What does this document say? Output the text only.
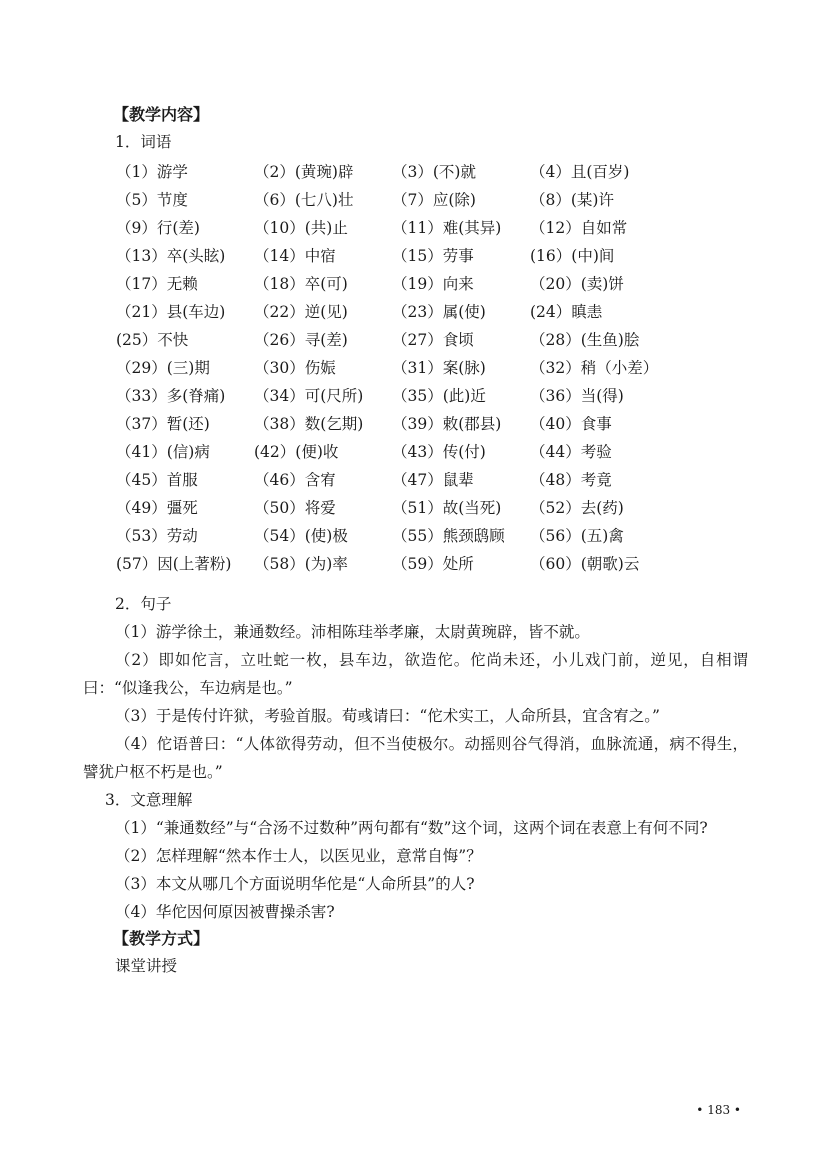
【教学内容】
1．词语
（1）游学	（2）(黄琬)辟 （3）(不)就	（4）且(百岁)
（5）节度	（6）(七八)壮 （7）应(除)	（8）(某)许
（9）行(差)	（10）(共)止	（11）难(其异) （12）自如常
（13）卒(头眩) （14）中宿	（15）劳事	(16）(中)间
（17）无赖	（18）卒(可)	（19）向来	（20）(卖)饼
（21）县(车边) （22）逆(见)	（23）属(使)	(24）瞋恚
(25）不快	（26）寻(差)	（27）食顷	（28）(生鱼)脍
（29）(三)期	（30）伤娠	（31）案(脉)	（32）稍（小差）
（33）多(脊痛) （34）可(尺所) （35）(此)近	（36）当(得)
（37）暂(还)	（38）数(乞期) （39）敕(郡县) （40）食事
（41）(信)病	(42）(便)收	（43）传(付)	（44）考验
（45）首服	（46）含宥	（47）鼠辈	（48）考竟
（49）彊死	（50）将爱	（51）故(当死) （52）去(药)
（53）劳动	（54）(使)极	（55）熊颈鸱顾 （56）(五)禽
(57）因(上著粉) （58）(为)率	（59）处所	（60）(朝歌)云
2．句子

（1）游学徐土，兼通数经。沛相陈珪举孝廉，太尉黄琬辟，皆不就。

（2）即如佗言，立吐蛇一枚，县车边，欲造佗。佗尚未还，小儿戏门前，逆见，自相谓曰：“似逢我公，车边病是也。”

（3）于是传付许狱，考验首服。荀彧请曰：“佗术实工，人命所县，宜含宥之。”

（4）佗语普曰：“人体欲得劳动，但不当使极尔。动摇则谷气得消，血脉流通，病不得生，譬犹户枢不朽是也。”

3．文意理解

（1）“兼通数经”与“合汤不过数种”两句都有“数”这个词，这两个词在表意上有何不同?

（2）怎样理解“然本作士人，以医见业，意常自悔”？

（3）本文从哪几个方面说明华佗是“人命所县”的人?

（4）华佗因何原因被曹操杀害?

【教学方式】
课堂讲授
• 183 •
